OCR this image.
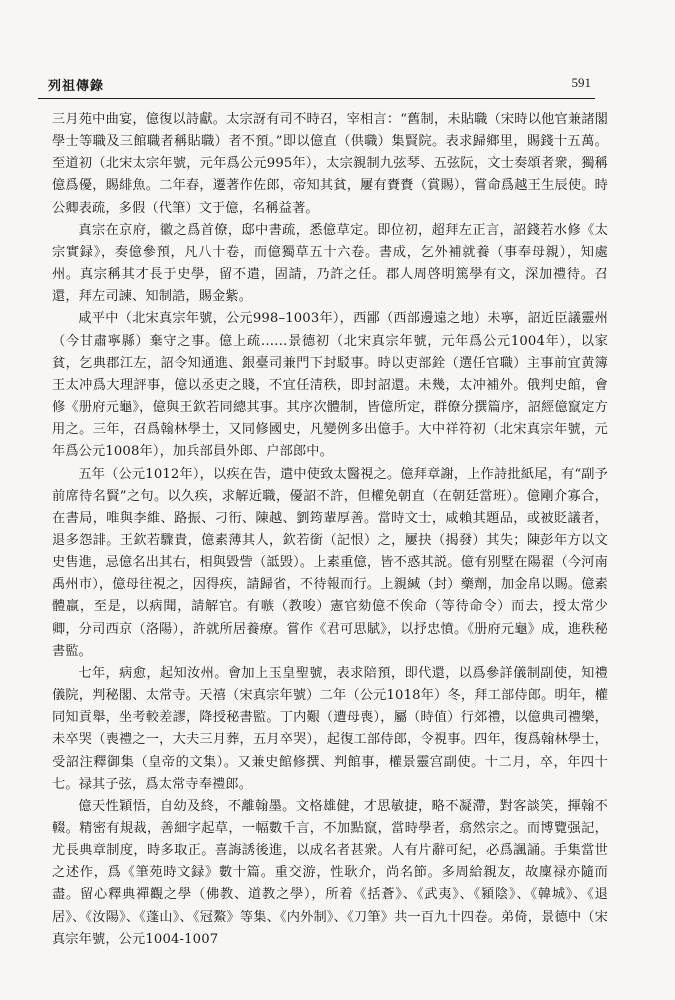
列祖傳錄	591

三月苑中曲宴，億復以詩獻。太宗訝有司不時召，宰相言：“舊制，未貼職（宋時以他官兼諸閣學士等職及三館職者稱貼職）者不預。”即以億直（供職）集賢院。表求歸鄉里，賜錢十五萬。至道初（北宋太宗年號，元年爲公元995年），太宗親制九弦琴、五弦阮，文士奏頌者衆，獨稱億爲優，賜緋魚。二年春，遷著作佐郎，帝知其貧，屢有賚賚（賞賜），嘗命爲越王生辰使。時公卿表疏，多假（代筆）文于億，名稱益著。

真宗在京府，徽之爲首僚，邸中書疏，悉億草定。即位初，超拜左正言，詔錢若水修《太宗實録》，奏億參預，凡八十卷，而億獨草五十六卷。書成，乞外補就養（事奉母親），知處州。真宗稱其才長于史學，留不遣，固請，乃許之任。郡人周啓明篤學有文，深加禮待。召還，拜左司諫、知制誥，賜金紫。

咸平中（北宋真宗年號，公元998–1003年），西鄙（西部邊遠之地）未寧，詔近臣議靈州（今甘肅寧縣）棄守之事。億上疏……景德初（北宋真宗年號，元年爲公元1004年），以家貧，乞典郡江左，詔令知通進、銀臺司兼門下封駁事。時以吏部銓（選任官職）主事前宜黄簿王太冲爲大理評事，億以丞吏之賤，不宜任清秩，即封詔還。未幾，太冲補外。俄判史館，會修《册府元龜》，億與王欽若同總其事。其序次體制，皆億所定，群僚分撰篇序，詔經億竄定方用之。三年，召爲翰林學士，又同修國史，凡變例多出億手。大中祥符初（北宋真宗年號，元年爲公元1008年），加兵部員外郎、户部郎中。

五年（公元1012年），以疾在告，遣中使致太醫視之。億拜章謝，上作詩批紙尾，有“副予前席待名賢”之句。以久疾，求解近職，優詔不許，但權免朝直（在朝廷當班）。億剛介寡合，在書局，唯與李維、路振、刁衎、陳越、劉筠輩厚善。當時文士，咸賴其題品，或被貶議者，退多怨誹。王欽若驟貴，億素薄其人，欽若銜（記恨）之，屢抉（揭發）其失；陳彭年方以文史售進，忌億名出其右，相與毀訾（詆毁）。上素重億，皆不惑其説。億有别墅在陽翟（今河南禹州市），億母往視之，因得疾，請歸省，不待報而行。上親緘（封）藥劑，加金帛以賜。億素體羸，至是，以病聞，請解官。有嗾（教唆）憲官劾億不俟命（等待命令）而去，授太常少卿，分司西京（洛陽），許就所居養療。嘗作《君可思賦》，以抒忠憤。《册府元龜》成，進秩秘書監。

七年，病愈，起知汝州。會加上玉皇聖號，表求陪預，即代還，以爲參詳儀制副使，知禮儀院，判秘閣、太常寺。天禧（宋真宗年號）二年（公元1018年）冬，拜工部侍郎。明年，權同知貢舉，坐考較差謬，降授秘書監。丁内艱（遭母喪），屬（時值）行郊禮，以億典司禮樂，未卒哭（喪禮之一，大夫三月葬，五月卒哭），起復工部侍郎，令視事。四年，復爲翰林學士，受詔注釋御集（皇帝的文集）。又兼史館修撰、判館事，權景靈宫副使。十二月，卒，年四十七。禄其子弦，爲太常寺奉禮郎。

億天性穎悟，自幼及終，不離翰墨。文格雄健，才思敏捷，略不凝滯，對客談笑，揮翰不輟。精密有規裁，善細字起草，一幅數千言，不加點竄，當時學者，翕然宗之。而博覽强記，尤長典章制度，時多取正。喜誨誘後進，以成名者甚衆。人有片辭可紀，必爲諷誦。手集當世之述作，爲《筆苑時文録》數十篇。重交游，性耿介，尚名節。多周給親友，故廩禄亦隨而盡。留心釋典禪觀之學（佛教、道教之學），所着《括蒼》、《武夷》、《潁陰》、《韓城》、《退居》、《汝陽》、《蓬山》、《冠鰲》等集、《内外制》、《刀筆》共一百九十四卷。弟倚，景德中（宋真宗年號，公元1004-1007
